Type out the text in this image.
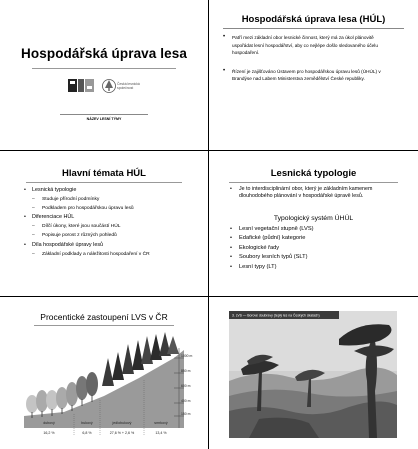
Hospodářská úprava lesa
Česká lesnická
společnost
NÁZEV LESNÍ TÝMY
Hospodářská úprava lesa (HÚL)
• Patří mezi základní obor lesnické činnost, který má za úkol plánovitě uspořádat lesní hospodářství, aby co nejlépe došlo sledovaného účelu hospodaření.
• Řízení je zajišťováno Ústavem pro hospodářskou úpravu lesů (ÚHÚL) v Brandýse nad Labem Ministerstva zemědělství České republiky.
Hlavní témata HÚL
• Lesnická typologie
– Studuje přírodní podmínky
– Podkladem pro hospodářskou úpravu lesů
• Diferenciace HÚL
– Dílčí úkony, které jsou součástí HÚL
– Popisuje porost z různých pohledů
• Díla hospodářské úpravy lesů
– Základní podklady a náležitosti hospodaření v ČR
Lesnická typologie
• Je to interdisciplinární obor, který je základním kamenem dlouhodobého plánování v hospodářské úpravě lesů.
Typologický systém ÚHÚL
• Lesní vegetační stupně (LVS)
• Edafické (půdní) kategorie
• Ekologické řady
• Soubory lesních typů (SLT)
• Lesní typy (LT)
Procentické zastoupení LVS v ČR
1000 m
850 m
600 m
400 m
150 m
dubový	bukový	jedlobukový	smrkový
16,2 %	6,8 %	27,6 % + 2,6 %	13,4 %
3. LVS — Borové doubravy (teplý les na Českých skalách)
